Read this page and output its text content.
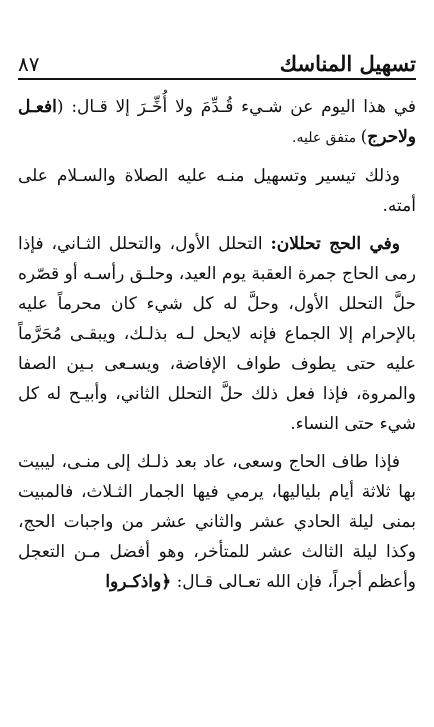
تسهيل المناسك
٨٧

في هذا اليوم عن شـيء قُـدِّمَ ولا أُخِّـرَ إلا قـال: (افعـل ولاحرج) متفق عليه.

وذلك تيسير وتسهيل منـه عليه الصلاة والسـلام على أمته.

وفي الحج تحللان: التحلل الأول، والتحلل الثـاني، فإذا رمى الحاج جمرة العقبة يوم العيد، وحلـق رأسـه أو قصّره حلَّ التحلل الأول، وحلَّ له كل شيء كان محرماً عليه بالإحرام إلا الجماع فإنه لايحل لـه بذلـك، ويبقـى مُحَرَّماً عليه حتى يطوف طواف الإفاضة، ويسـعى بـين الصفا والمروة، فإذا فعل ذلك حلَّ التحلل الثاني، وأبيـح له كل شيء حتى النساء.

فإذا طاف الحاج وسعى، عاد بعد ذلـك إلى منـى، ليبيت بها ثلاثة أيام بلياليها، يرمي فيها الجمار الثـلاث، فالمبيت بمنى ليلة الحادي عشر والثاني عشر من واجبات الحج، وكذا ليلة الثالث عشر للمتأخر، وهو أفضل مـن التعجل وأعظم أجراً، فإن الله تعـالى قـال: ﴿واذكـروا
